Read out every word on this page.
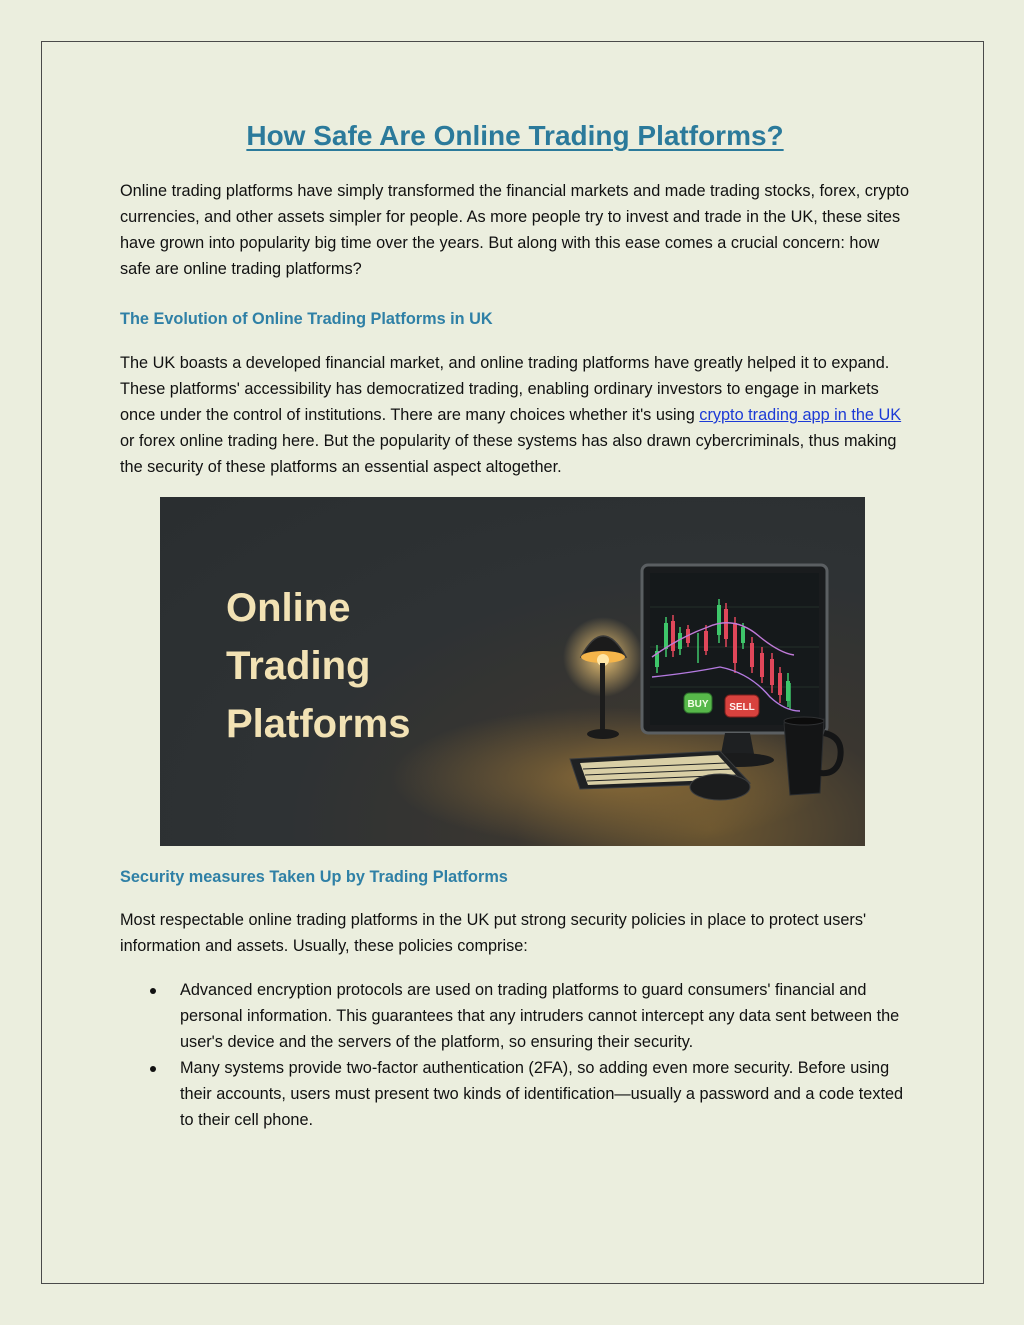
How Safe Are Online Trading Platforms?

Online trading platforms have simply transformed the financial markets and made trading stocks, forex, crypto currencies, and other assets simpler for people. As more people try to invest and trade in the UK, these sites have grown into popularity big time over the years. But along with this ease comes a crucial concern: how safe are online trading platforms?

The Evolution of Online Trading Platforms in UK

The UK boasts a developed financial market, and online trading platforms have greatly helped it to expand. These platforms' accessibility has democratized trading, enabling ordinary investors to engage in markets once under the control of institutions. There are many choices whether it's using crypto trading app in the UK or forex online trading here. But the popularity of these systems has also drawn cybercriminals, thus making the security of these platforms an essential aspect altogether.

Online
Trading
Platforms	BUY SELL
Security measures Taken Up by Trading Platforms

Most respectable online trading platforms in the UK put strong security policies in place to protect users' information and assets. Usually, these policies comprise:

Advanced encryption protocols are used on trading platforms to guard consumers' financial and personal information. This guarantees that any intruders cannot intercept any data sent between the user's device and the servers of the platform, so ensuring their security.
Many systems provide two-factor authentication (2FA), so adding even more security. Before using their accounts, users must present two kinds of identification—usually a password and a code texted to their cell phone.
